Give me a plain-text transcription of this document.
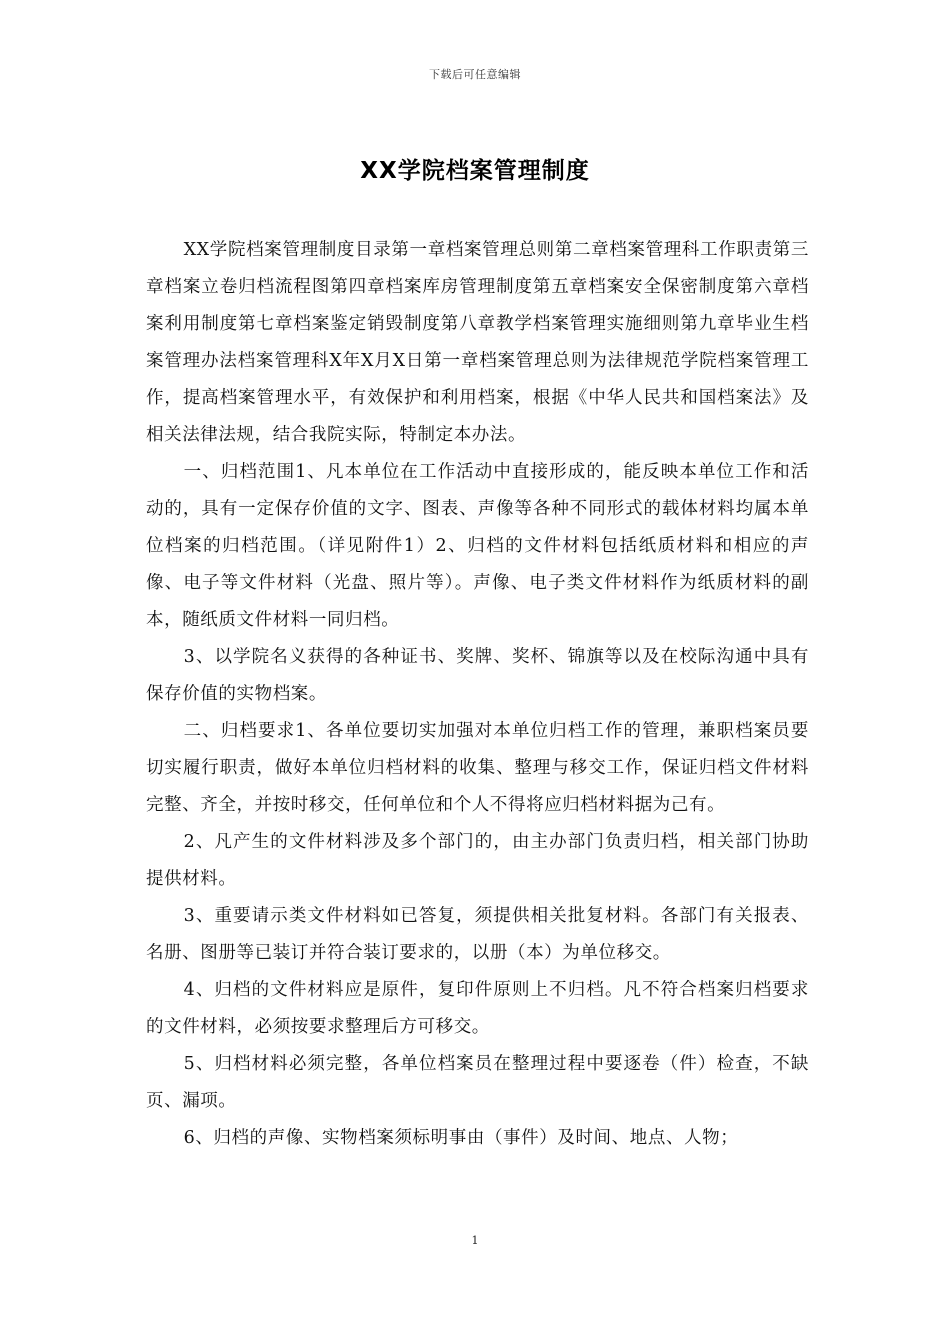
下载后可任意编辑
XX学院档案管理制度

XX学院档案管理制度目录第一章档案管理总则第二章档案管理科工作职责第三章档案立卷归档流程图第四章档案库房管理制度第五章档案安全保密制度第六章档案利用制度第七章档案鉴定销毁制度第八章教学档案管理实施细则第九章毕业生档案管理办法档案管理科X年X月X日第一章档案管理总则为法律规范学院档案管理工作，提高档案管理水平，有效保护和利用档案，根据《中华人民共和国档案法》及相关法律法规，结合我院实际，特制定本办法。

一、归档范围1、凡本单位在工作活动中直接形成的，能反映本单位工作和活动的，具有一定保存价值的文字、图表、声像等各种不同形式的载体材料均属本单位档案的归档范围。（详见附件1）2、归档的文件材料包括纸质材料和相应的声像、电子等文件材料（光盘、照片等）。声像、电子类文件材料作为纸质材料的副本，随纸质文件材料一同归档。

3、以学院名义获得的各种证书、奖牌、奖杯、锦旗等以及在校际沟通中具有保存价值的实物档案。

二、归档要求1、各单位要切实加强对本单位归档工作的管理，兼职档案员要切实履行职责，做好本单位归档材料的收集、整理与移交工作，保证归档文件材料完整、齐全，并按时移交，任何单位和个人不得将应归档材料据为己有。

2、凡产生的文件材料涉及多个部门的，由主办部门负责归档，相关部门协助提供材料。

3、重要请示类文件材料如已答复，须提供相关批复材料。各部门有关报表、名册、图册等已装订并符合装订要求的，以册（本）为单位移交。

4、归档的文件材料应是原件，复印件原则上不归档。凡不符合档案归档要求的文件材料，必须按要求整理后方可移交。

5、归档材料必须完整，各单位档案员在整理过程中要逐卷（件）检查，不缺页、漏项。

6、归档的声像、实物档案须标明事由（事件）及时间、地点、人物；

1
